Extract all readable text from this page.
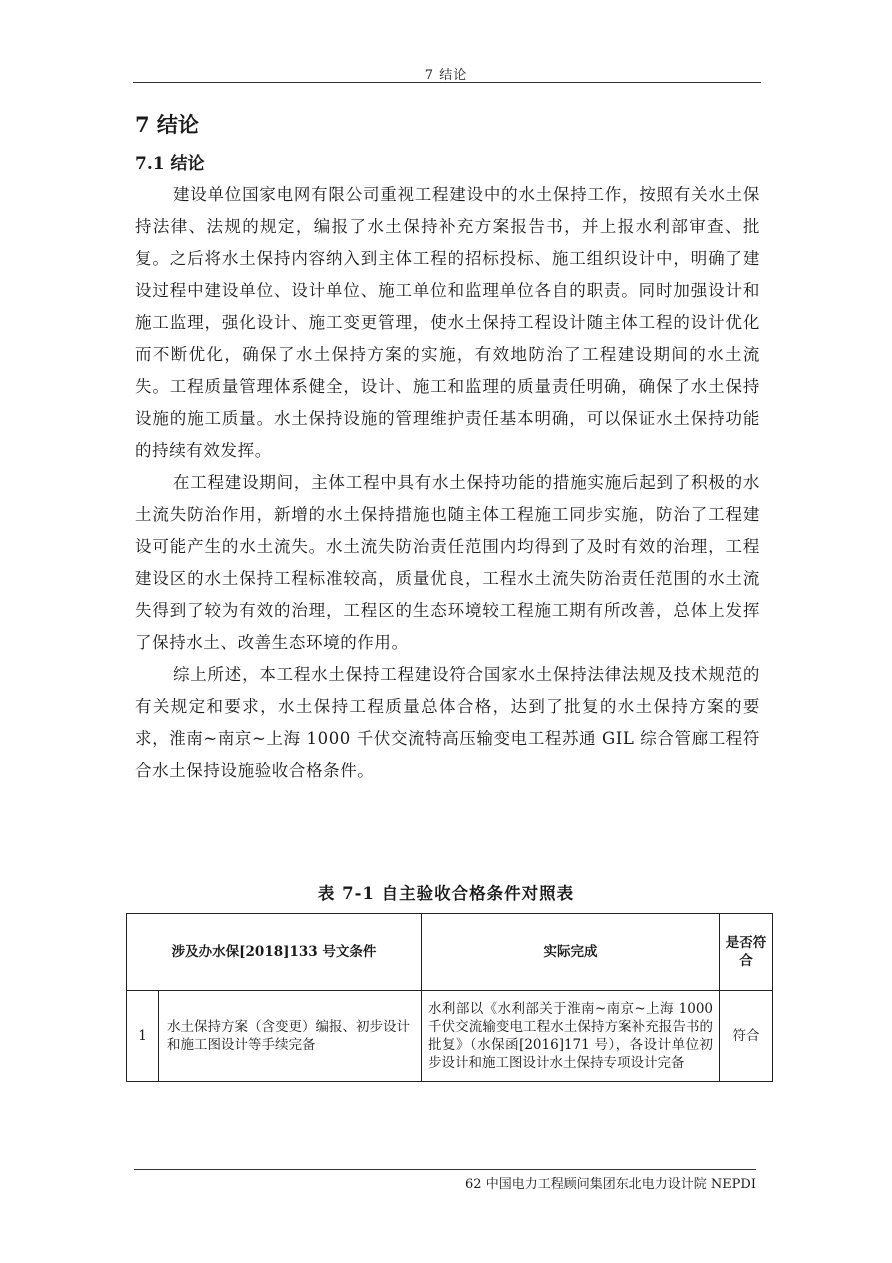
7 结论
7 结论
7.1 结论

建设单位国家电网有限公司重视工程建设中的水土保持工作，按照有关水土保持法律、法规的规定，编报了水土保持补充方案报告书，并上报水利部审查、批复。之后将水土保持内容纳入到主体工程的招标投标、施工组织设计中，明确了建设过程中建设单位、设计单位、施工单位和监理单位各自的职责。同时加强设计和施工监理，强化设计、施工变更管理，使水土保持工程设计随主体工程的设计优化而不断优化，确保了水土保持方案的实施，有效地防治了工程建设期间的水土流失。工程质量管理体系健全，设计、施工和监理的质量责任明确，确保了水土保持设施的施工质量。水土保持设施的管理维护责任基本明确，可以保证水土保持功能的持续有效发挥。

在工程建设期间，主体工程中具有水土保持功能的措施实施后起到了积极的水土流失防治作用，新增的水土保持措施也随主体工程施工同步实施，防治了工程建设可能产生的水土流失。水土流失防治责任范围内均得到了及时有效的治理，工程建设区的水土保持工程标准较高，质量优良，工程水土流失防治责任范围的水土流失得到了较为有效的治理，工程区的生态环境较工程施工期有所改善，总体上发挥了保持水土、改善生态环境的作用。

综上所述，本工程水土保持工程建设符合国家水土保持法律法规及技术规范的有关规定和要求，水土保持工程质量总体合格，达到了批复的水土保持方案的要求，淮南~南京~上海 1000 千伏交流特高压输变电工程苏通 GIL 综合管廊工程符合水土保持设施验收合格条件。

表 7-1 自主验收合格条件对照表
涉及办水保[2018]133 号文条件		实际完成	是否符合
1	水土保持方案（含变更）编报、初步设计和施工图设计等手续完备	水利部以《水利部关于淮南~南京~上海 1000 千伏交流输变电工程水土保持方案补充报告书的批复》（水保函[2016]171 号），各设计单位初步设计和施工图设计水土保持专项设计完备	符合
62 中国电力工程顾问集团东北电力设计院 NEPDI
